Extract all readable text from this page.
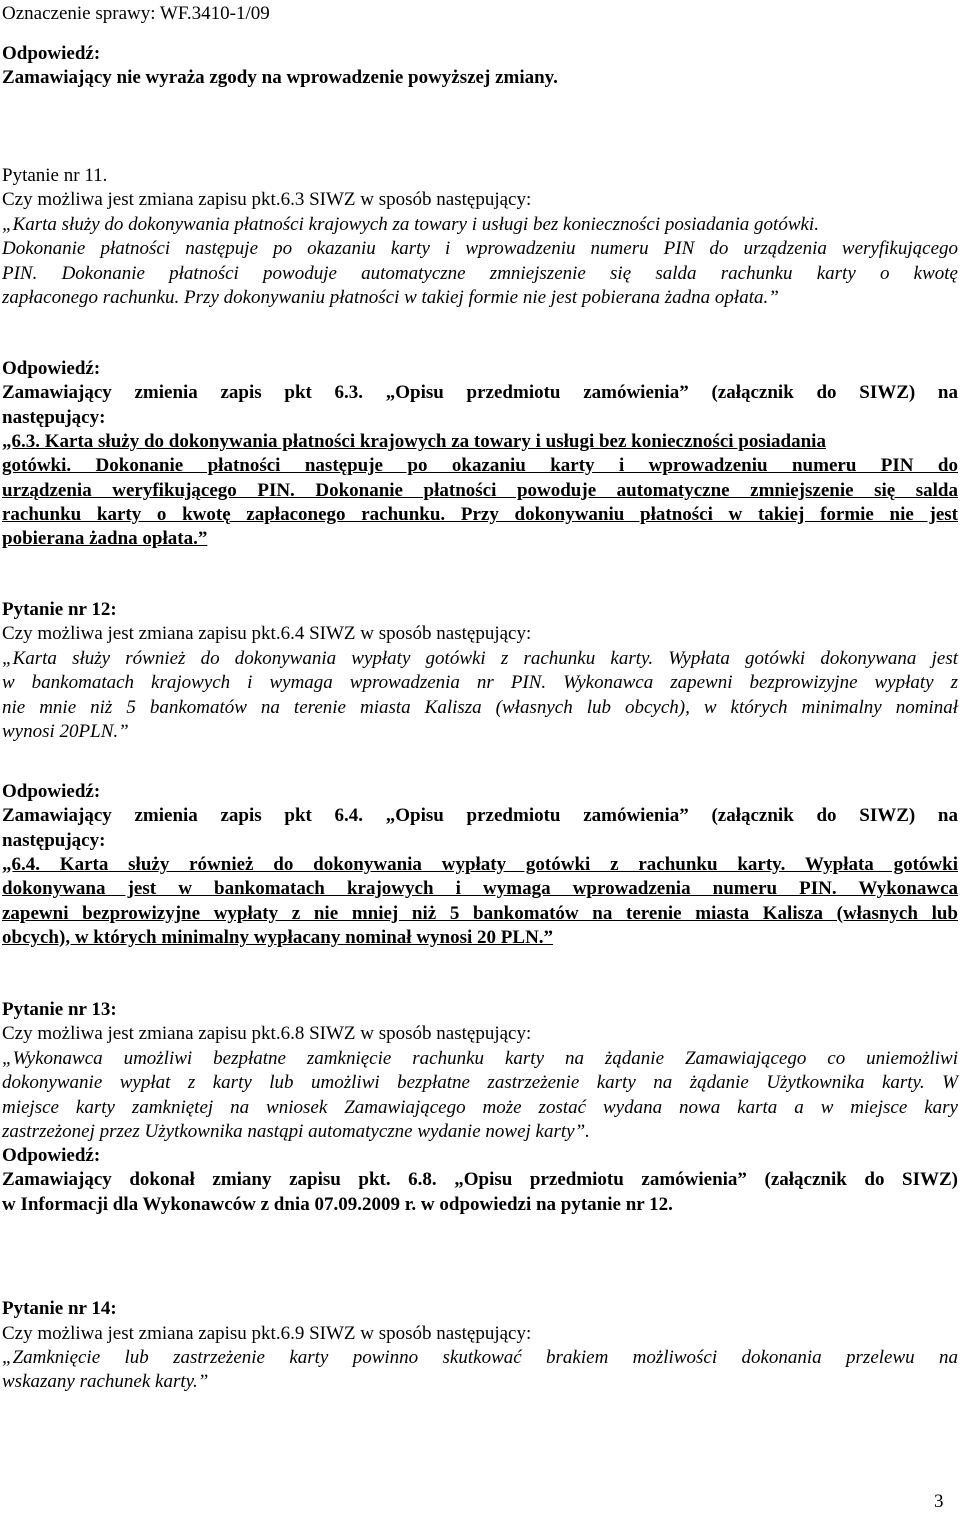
Oznaczenie sprawy: WF.3410-1/09
Odpowiedź:
Zamawiający nie wyraża zgody na wprowadzenie powyższej zmiany.
Pytanie nr 11.
Czy możliwa jest zmiana zapisu pkt.6.3 SIWZ w sposób następujący:
„Karta służy do dokonywania płatności krajowych za towary i usługi bez konieczności posiadania gotówki.
Dokonanie płatności następuje po okazaniu karty i wprowadzeniu numeru PIN do urządzenia weryfikującego
PIN. Dokonanie płatności powoduje automatyczne zmniejszenie się salda rachunku karty o kwotę
zapłaconego rachunku. Przy dokonywaniu płatności w takiej formie nie jest pobierana żadna opłata.”
Odpowiedź:
Zamawiający zmienia zapis pkt 6.3. „Opisu przedmiotu zamówienia” (załącznik do SIWZ) na
następujący:
„6.3. Karta służy do dokonywania płatności krajowych za towary i usługi bez konieczności posiadania
gotówki. Dokonanie płatności następuje po okazaniu karty i wprowadzeniu numeru PIN do
urządzenia weryfikującego PIN. Dokonanie płatności powoduje automatyczne zmniejszenie się salda
rachunku karty o kwotę zapłaconego rachunku. Przy dokonywaniu płatności w takiej formie nie jest
pobierana żadna opłata.”
Pytanie nr 12:
Czy możliwa jest zmiana zapisu pkt.6.4 SIWZ w sposób następujący:
„Karta służy również do dokonywania wypłaty gotówki z rachunku karty. Wypłata gotówki dokonywana jest
w bankomatach krajowych i wymaga wprowadzenia nr PIN. Wykonawca zapewni bezprowizyjne wypłaty z
nie mnie niż 5 bankomatów na terenie miasta Kalisza (własnych lub obcych), w których minimalny nominał
wynosi 20PLN.”
Odpowiedź:
Zamawiający zmienia zapis pkt 6.4. „Opisu przedmiotu zamówienia” (załącznik do SIWZ) na
następujący:
„6.4. Karta służy również do dokonywania wypłaty gotówki z rachunku karty. Wypłata gotówki
dokonywana jest w bankomatach krajowych i wymaga wprowadzenia numeru PIN. Wykonawca
zapewni bezprowizyjne wypłaty z nie mniej niż 5 bankomatów na terenie miasta Kalisza (własnych lub
obcych), w których minimalny wypłacany nominał wynosi 20 PLN.”
Pytanie nr 13:
Czy możliwa jest zmiana zapisu pkt.6.8 SIWZ w sposób następujący:
„Wykonawca umożliwi bezpłatne zamknięcie rachunku karty na żądanie Zamawiającego co uniemożliwi
dokonywanie wypłat z karty lub umożliwi bezpłatne zastrzeżenie karty na żądanie Użytkownika karty. W
miejsce karty zamkniętej na wniosek Zamawiającego może zostać wydana nowa karta a w miejsce kary
zastrzeżonej przez Użytkownika nastąpi automatyczne wydanie nowej karty”.
Odpowiedź:
Zamawiający dokonał zmiany zapisu pkt. 6.8. „Opisu przedmiotu zamówienia” (załącznik do SIWZ)
w Informacji dla Wykonawców z dnia 07.09.2009 r. w odpowiedzi na pytanie nr 12.
Pytanie nr 14:
Czy możliwa jest zmiana zapisu pkt.6.9 SIWZ w sposób następujący:
„Zamknięcie lub zastrzeżenie karty powinno skutkować brakiem możliwości dokonania przelewu na
wskazany rachunek karty.”
3
